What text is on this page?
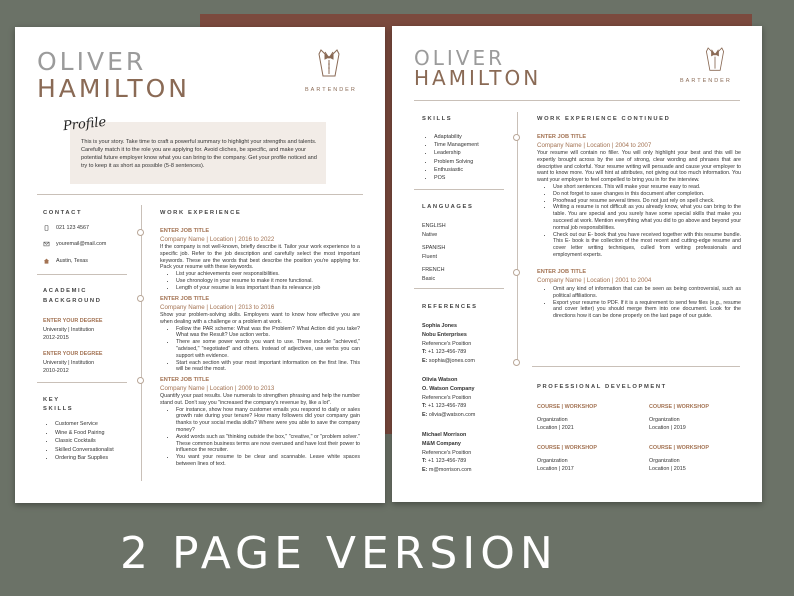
OLIVER
HAMILTON	BARTENDER
Profile
This is your story. Take time to craft a powerful summary to highlight your strengths and talents. Carefully match it to the role you are applying for. Avoid cliches, be specific, and make your potential future employer know what you can bring to the company. Get your profile noticed and try to keep it as short as possible (5-8 sentences).
CONTACT
021 123 4567
youremail@mail.com
Austin, Texas
ACADEMIC
BACKGROUND
ENTER YOUR DEGREE
University | Institution
2012-2015
ENTER YOUR DEGREE
University | Institution
2010-2012
KEY
SKILLS
• Customer Service
• Wine & Food Pairing
• Classic Cocktails
• Skilled Conversationalist
• Ordering Bar Supplies
WORK EXPERIENCE
ENTER JOB TITLE
Company Name | Location | 2016 to 2022
If the company is not well-known, briefly describe it. Tailor your work experience to a specific job. Refer to the job description and carefully select the most important keywords. These are the words that best describe the position you're applying for. Pack your resume with these keywords.
• List your achievements over responsibilities.
• Use chronology in your resume to make it more functional.
• Length of your resume is less important than its relevance job
ENTER JOB TITLE
Company Name | Location | 2013 to 2016
Show your problem-solving skills. Employers want to know how effective you are when dealing with a challenge or a problem at work.
• Follow the PAR scheme: What was the Problem? What Action did you take? What was the Result? Use action verbs.
• There are some power words you want to use. These include "achieved," "advised," "negotiated" and others. Instead of adjectives, use verbs you can support with evidence.
• Start each section with your most important information on the first line. This will be read the most.
ENTER JOB TITLE
Company Name | Location | 2009 to 2013
Quantify your past results. Use numerals to strengthen phrasing and help the number stand out. Don't say you "increased the company's revenue by, like a lot".
• For instance, show how many customer emails you respond to daily or sales growth rate during your tenure? How many followers did your company gain thanks to your social media skills? Where were you able to save the company money?
• Avoid words such as "thinking outside the box," "creative," or "problem solver." These common business terms are now overused and have lost their power to influence the recruiter.
• You want your resume to be clear and scannable. Leave white spaces between lines of text.
OLIVER
HAMILTON	BARTENDER
SKILLS
• Adaptability
• Time Management
• Leadership
• Problem Solving
• Enthusiastic
• POS
LANGUAGES
ENGLISH
Native
SPANISH
Fluent
FRENCH
Basic
REFERENCES
Sophia Jones
Nobu Enterprises
Reference's Position
T: +1 123-456-789
E: sophia@jones.com
Olivia Watson
O. Watson Company
Reference's Position
T: +1 123-456-789
E: olivia@watson.com
Michael Morrison
M&M Company
Reference's Position
T: +1 123-456-789
E: m@morrison.com
WORK EXPERIENCE CONTINUED
ENTER JOB TITLE
Company Name | Location | 2004 to 2007
Your resume will contain no filler. You will only highlight your best and this will be expertly brought across by the use of strong, clear wording and phrases that are descriptive and colorful. Your resume writing will persuade and cause your employer to want to know more. You will hint at attributes, not giving out too much information. You want your employer to feel compelled to bring you in for the interview.
• Use short sentences. This will make your resume easy to read.
• Do not forget to save changes in this document after completion.
• Proofread your resume several times. Do not just rely on spell check.
• Writing a resume is not difficult as you already know, what you can bring to the table. You are special and you surely have some special skills that make you succeed at work. Mention everything what you did to go above and beyond your normal job responsibilities.
• Check out our E- book that you have received together with this resume bundle. This E- book is the collection of the most recent and cutting-edge resume and cover letter writing techniques, culled from writing professionals and employment experts.
ENTER JOB TITLE
Company Name | Location | 2001 to 2004
• Omit any kind of information that can be seen as being controversial, such as political affiliations.
• Export your resume to PDF. If it is a requirement to send few files (e.g., resume and cover letter) you should merge them into one document. Look for the directions how it can be done properly on the last page of our guide.
PROFESSIONAL DEVELOPMENT
COURSE | WORKSHOP
Organization
Location | 2021
COURSE | WORKSHOP
Organization
Location | 2019
COURSE | WORKSHOP
Organization
Location | 2017
COURSE | WORKSHOP
Organization
Location | 2015
2 PAGE VERSION
